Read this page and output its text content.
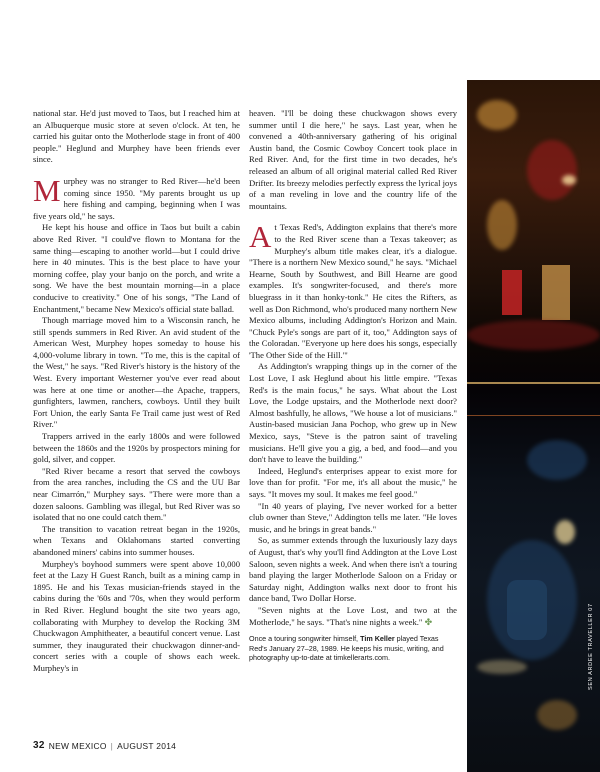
national star. He'd just moved to Taos, but I reached him at an Albuquerque music store at seven o'clock. At ten, he carried his guitar onto the Motherlode stage in front of 400 people." Heglund and Murphey have been friends ever since.

Murphey was no stranger to Red River—he'd been coming since 1950. "My parents brought us up here fishing and camping, beginning when I was five years old," he says.

He kept his house and office in Taos but built a cabin above Red River. "I could've flown to Montana for the same thing—escaping to another world—but I could drive here in 40 minutes. This is the best place to have your morning coffee, play your banjo on the porch, and write a song. We have the best mountain morning—in a place conducive to creativity." One of his songs, "The Land of Enchantment," became New Mexico's official state ballad.

Though marriage moved him to a Wisconsin ranch, he still spends summers in Red River. An avid student of the American West, Murphey hopes someday to house his 4,000-volume library in town. "To me, this is the capital of the West," he says. "Red River's history is the history of the West. Every important Westerner you've ever read about was here at one time or another—the Apache, trappers, gunfighters, lawmen, ranchers, cowboys. Until they built Fort Union, the early Santa Fe Trail came just west of Red River."

Trappers arrived in the early 1800s and were followed between the 1860s and the 1920s by prospectors mining for gold, silver, and copper.

"Red River became a resort that served the cowboys from the area ranches, including the CS and the UU Bar near Cimarrón," Murphey says. "There were more than a dozen saloons. Gambling was illegal, but Red River was so isolated that no one could catch them."

The transition to vacation retreat began in the 1920s, when Texans and Oklahomans started converting abandoned miners' cabins into summer houses.

Murphey's boyhood summers were spent above 10,000 feet at the Lazy H Guest Ranch, built as a mining camp in 1895. He and his Texas musician-friends stayed in the cabins during the '60s and '70s, when they would perform in Red River. Heglund bought the site two years ago, collaborating with Murphey to develop the Rocking 3M Chuckwagon Amphitheater, a beautiful concert venue. Last summer, they inaugurated their chuckwagon dinner-and-concert series with a couple of shows each week. Murphey's in

heaven. "I'll be doing these chuckwagon shows every summer until I die here," he says. Last year, when he convened a 40th-anniversary gathering of his original Austin band, the Cosmic Cowboy Concert took place in Red River. And, for the first time in two decades, he's released an album of all original material called Red River Drifter. Its breezy melodies perfectly express the lyrical joys of a man reveling in love and the country life of the mountains.

At Texas Red's, Addington explains that there's more to the Red River scene than a Texas takeover; as Murphey's album title makes clear, it's a dialogue. "There is a northern New Mexico sound," he says. "Michael Hearne, South by Southwest, and Bill Hearne are good examples. It's songwriter-focused, and there's more bluegrass in it than honky-tonk." He cites the Rifters, as well as Don Richmond, who's produced many northern New Mexico albums, including Addington's Horizon and Main. "Chuck Pyle's songs are part of it, too," Addington says of the Coloradan. "Everyone up here does his songs, especially 'The Other Side of the Hill.'"

As Addington's wrapping things up in the corner of the Lost Love, I ask Heglund about his little empire. "Texas Red's is the main focus," he says. What about the Lost Love, the Lodge upstairs, and the Motherlode next door? Almost bashfully, he allows, "We house a lot of musicians." Austin-based musician Jana Pochop, who grew up in New Mexico, says, "Steve is the patron saint of traveling musicians. He'll give you a gig, a bed, and food—and you don't have to leave the building."

Indeed, Heglund's enterprises appear to exist more for love than for profit. "For me, it's all about the music," he says. "It moves my soul. It makes me feel good."

"In 40 years of playing, I've never worked for a better club owner than Steve," Addington tells me later. "He loves music, and he brings in great bands."

So, as summer extends through the luxuriously lazy days of August, that's why you'll find Addington at the Love Lost Saloon, seven nights a week. And when there isn't a touring band playing the larger Motherlode Saloon on a Friday or Saturday night, Addington walks next door to front his dance band, Two Dollar Horse.

"Seven nights at the Love Lost, and two at the Motherlode," he says. "That's nine nights a week." ✤

Once a touring songwriter himself, Tim Keller played Texas Red's January 27–28, 1989. He keeps his music, writing, and photography up-to-date at timkellerarts.com.
32 NEW MEXICO | AUGUST 2014
SEN ARDEE TRAVELLER 07
